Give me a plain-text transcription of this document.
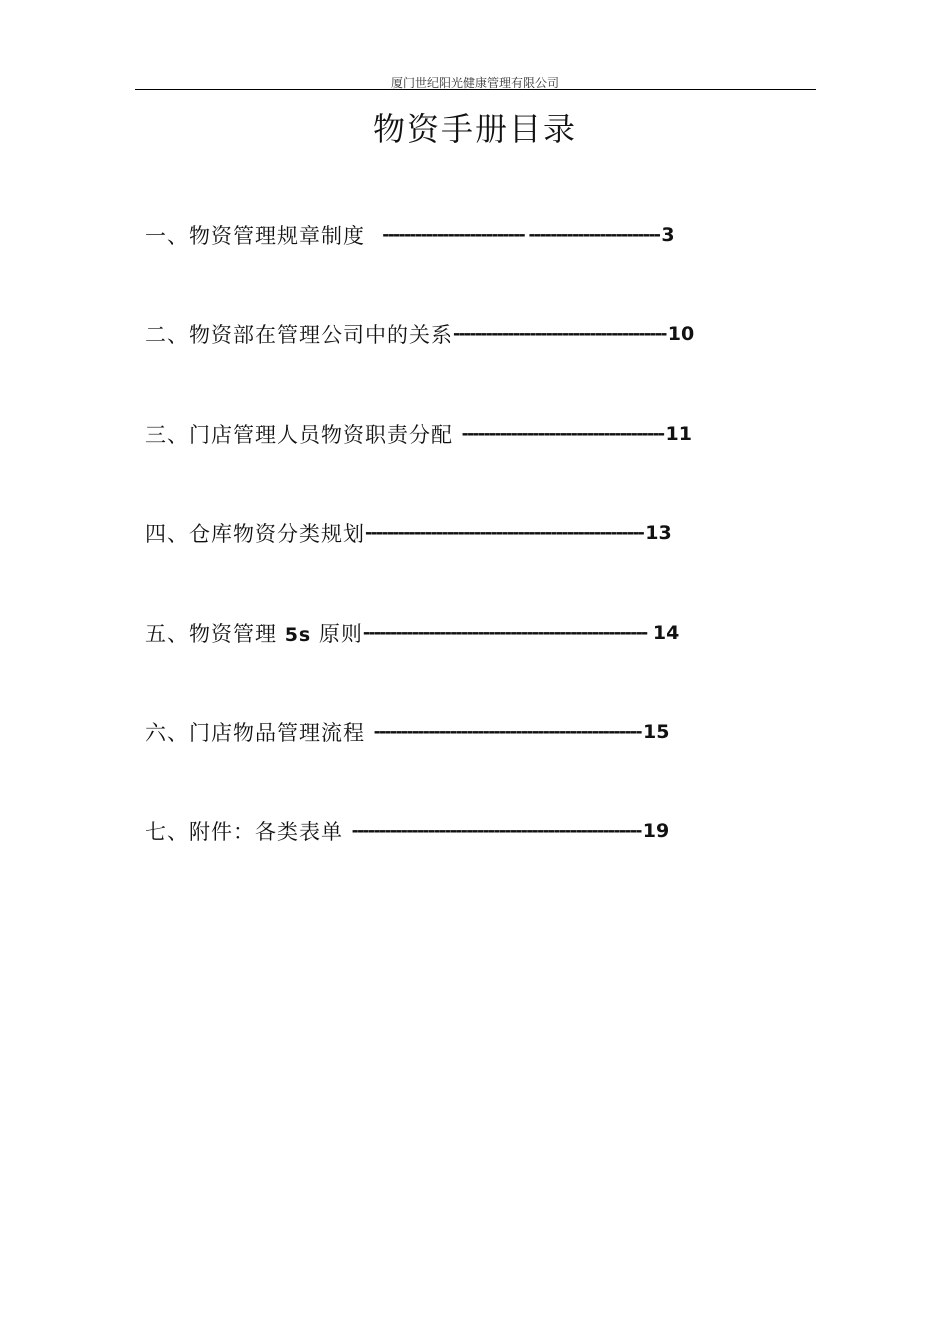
厦门世纪阳光健康管理有限公司
物资手册目录
一、物资管理规章制度 -------------------------- ------------------------ 3
二、物资部在管理公司中的关系 --------------------------------------- 10
三、门店管理人员物资职责分配 ------------------------------------- 11
四、仓库物资分类规划 --------------------------------------------------- 13
五、物资管理 5s 原则 ---------------------------------------------------- 14
六、门店物品管理流程 ------------------------------------------------- 15
七、附件：各类表单 ----------------------------------------------------- 19
